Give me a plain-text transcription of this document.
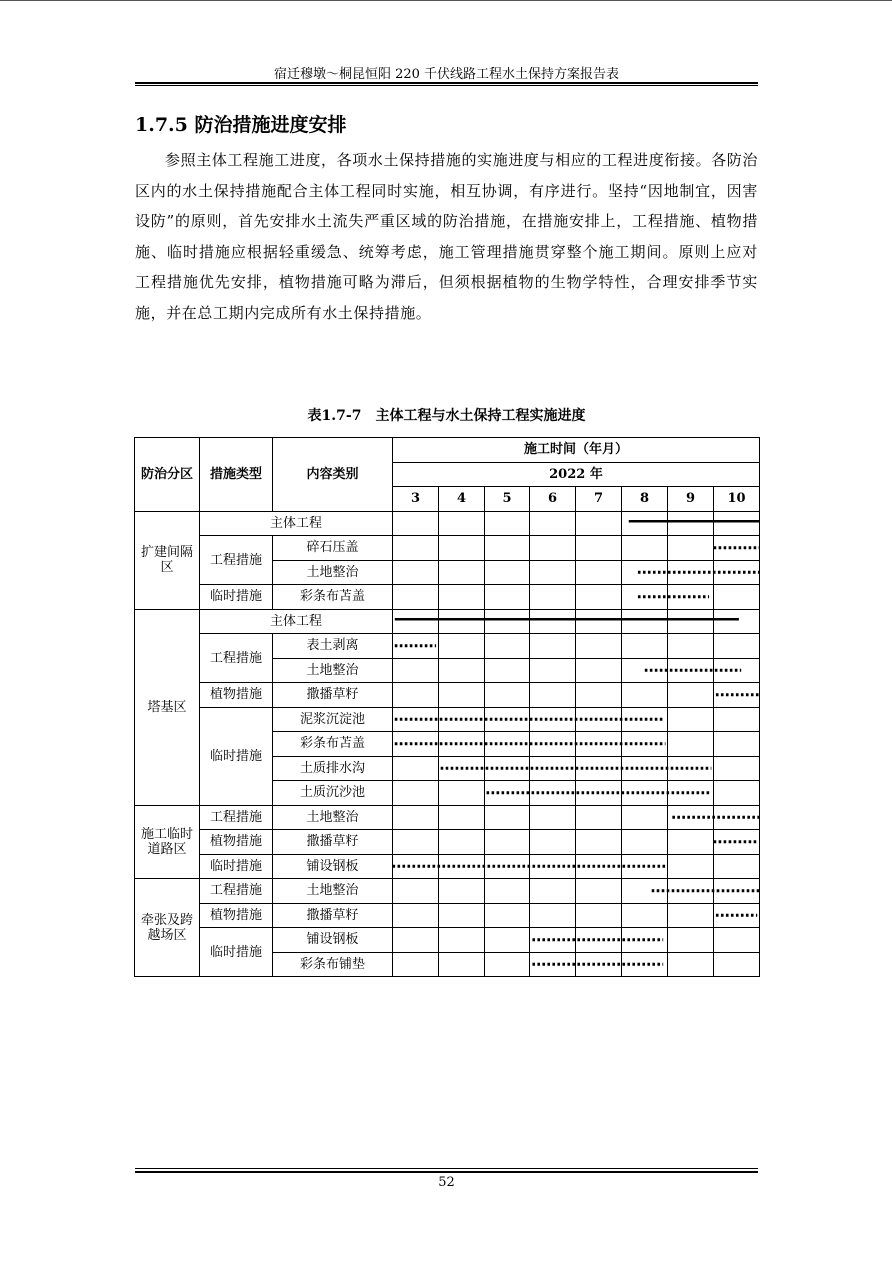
宿迁穆墩～桐昆恒阳 220 千伏线路工程水土保持方案报告表
1.7.5 防治措施进度安排

参照主体工程施工进度，各项水土保持措施的实施进度与相应的工程进度衔接。各防治区内的水土保持措施配合主体工程同时实施，相互协调，有序进行。坚持“因地制宜，因害设防”的原则，首先安排水土流失严重区域的防治措施，在措施安排上，工程措施、植物措施、临时措施应根据轻重缓急、统筹考虑，施工管理措施贯穿整个施工期间。原则上应对工程措施优先安排，植物措施可略为滞后，但须根据植物的生物学特性，合理安排季节实施，并在总工期内完成所有水土保持措施。

表1.7-7　主体工程与水土保持工程实施进度
防治分区	措施类型	内容类别	施工时间（年月）							
			2022 年							
			3	4	5	6	7	8	9	10
扩建间隔区	主体工程									
	工程措施	碎石压盖								
		土地整治								
	临时措施	彩条布苫盖								
塔基区	主体工程									
	工程措施	表土剥离								
		土地整治								
	植物措施	撒播草籽								
	临时措施	泥浆沉淀池								
		彩条布苫盖								
		土质排水沟								
		土质沉沙池								
施工临时道路区	工程措施	土地整治								
	植物措施	撒播草籽								
	临时措施	铺设钢板								
牵张及跨越场区	工程措施	土地整治								
	植物措施	撒播草籽								
	临时措施	铺设钢板								
		彩条布铺垫								
52
